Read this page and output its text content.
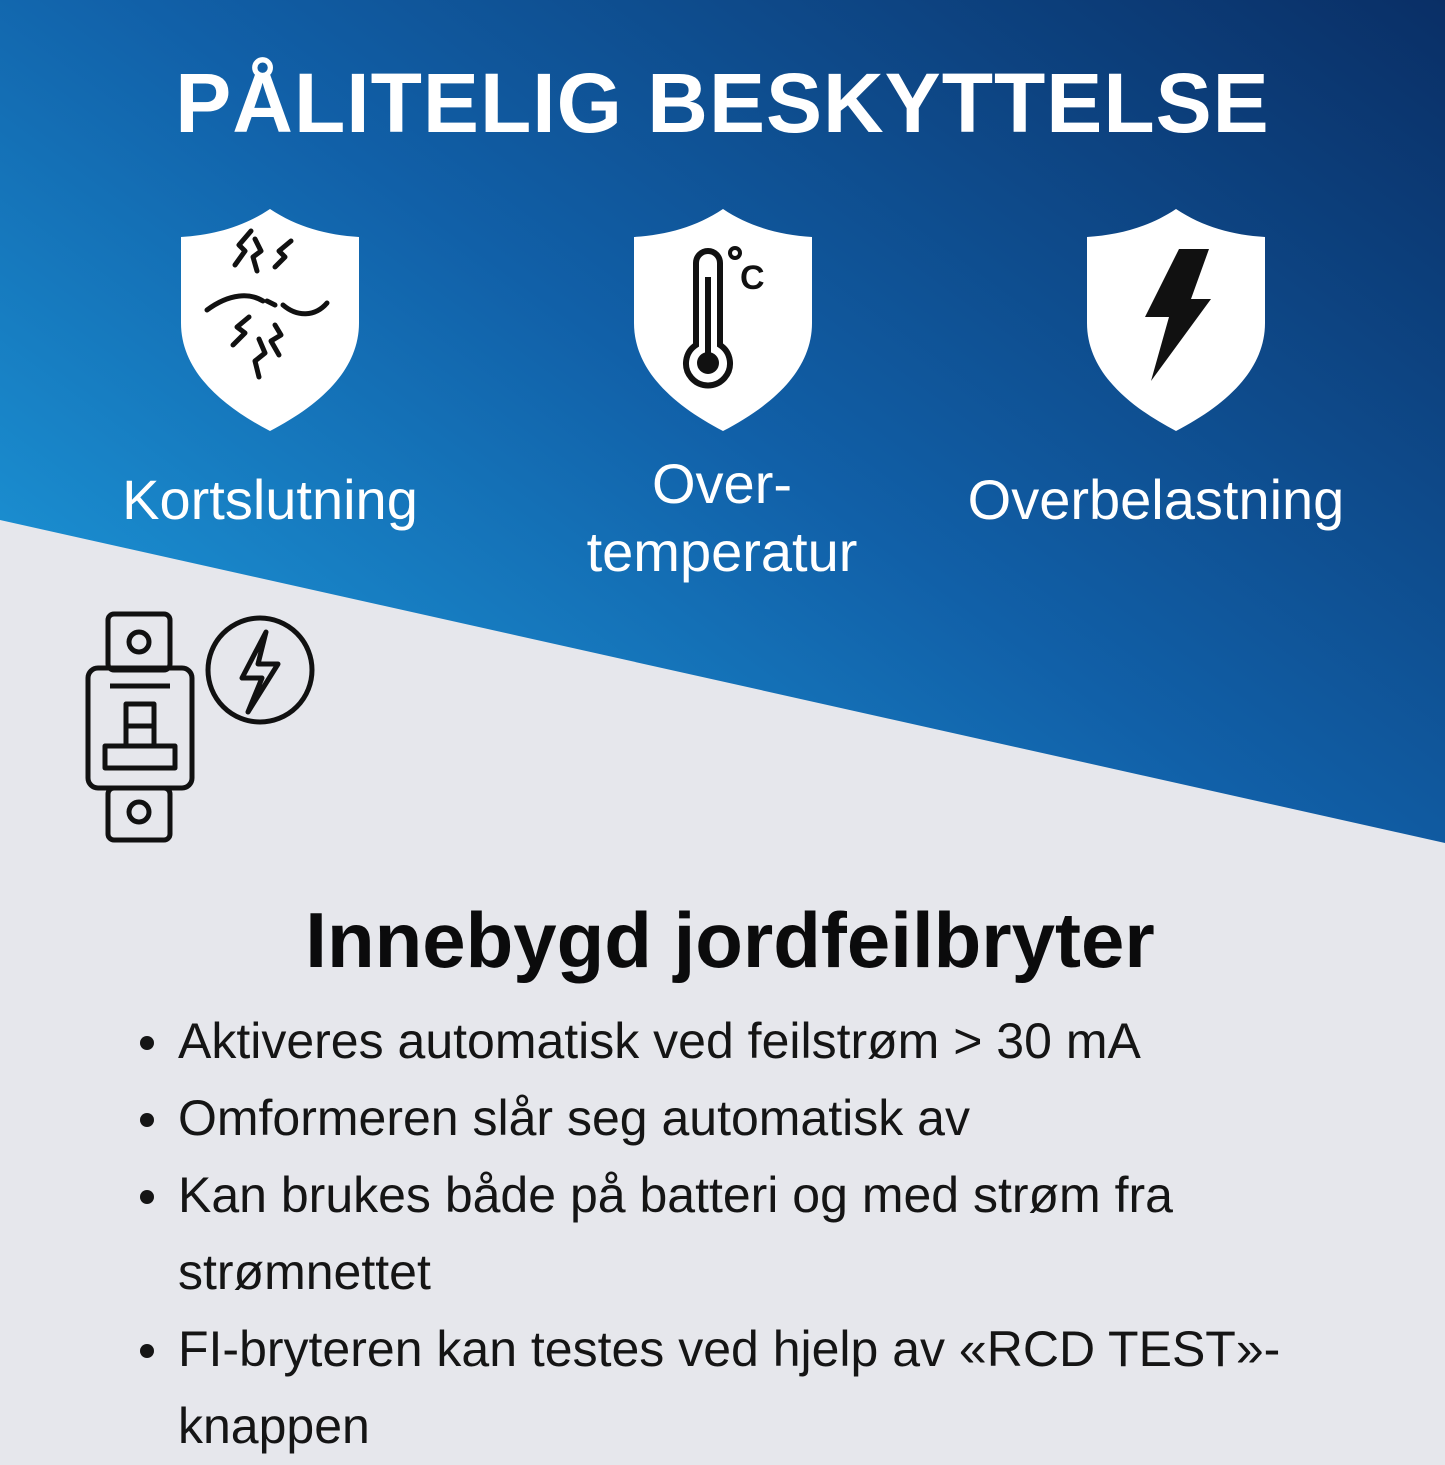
PÅLITELIG BESKYTTELSE
C
Kortslutning	Over-
temperatur
Overbelastning
Innebygd jordfeilbryter
Aktiveres automatisk ved feilstrøm > 30 mA
Omformeren slår seg automatisk av
Kan brukes både på batteri og med strøm fra strømnettet
FI-bryteren kan testes ved hjelp av «RCD TEST»-knappen
